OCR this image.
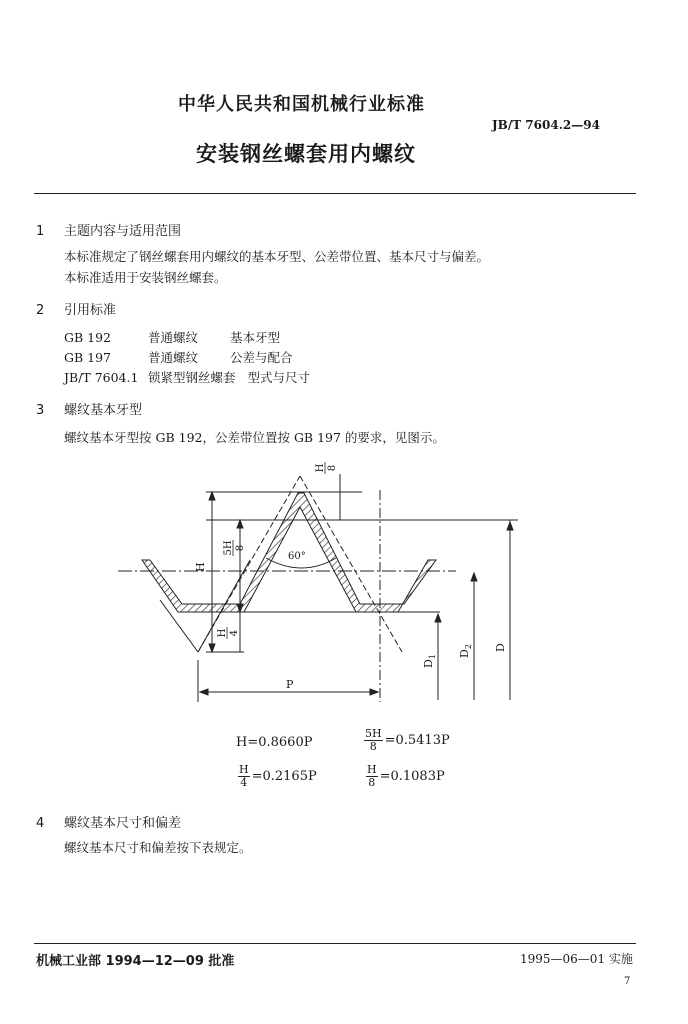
中华人民共和国机械行业标准
JB/T 7604.2—94
安装钢丝螺套用内螺纹
1 主题内容与适用范围
本标准规定了钢丝螺套用内螺纹的基本牙型、公差带位置、基本尺寸与偏差。
本标准适用于安装钢丝螺套。
2 引用标准
GB 192	普通螺纹	基本牙型
GB 197	普通螺纹	公差与配合
JB/T 7604.1 锁紧型钢丝螺套 型式与尺寸
3 螺纹基本牙型
螺纹基本牙型按 GB 192，公差带位置按 GB 197 的要求，见图示。
H
5H 8
H 4
H 8
60°
P
$D_1$ $D_2$ D
H=0.8660P	$\frac{5H}{8} =0.5413P$
$\frac{H}{4} =0.2165P$	$\frac{H}{8} =0.1083P$
4 螺纹基本尺寸和偏差
螺纹基本尺寸和偏差按下表规定。
机械工业部 1994—12—09 批准	1995—06—01 实施
7
